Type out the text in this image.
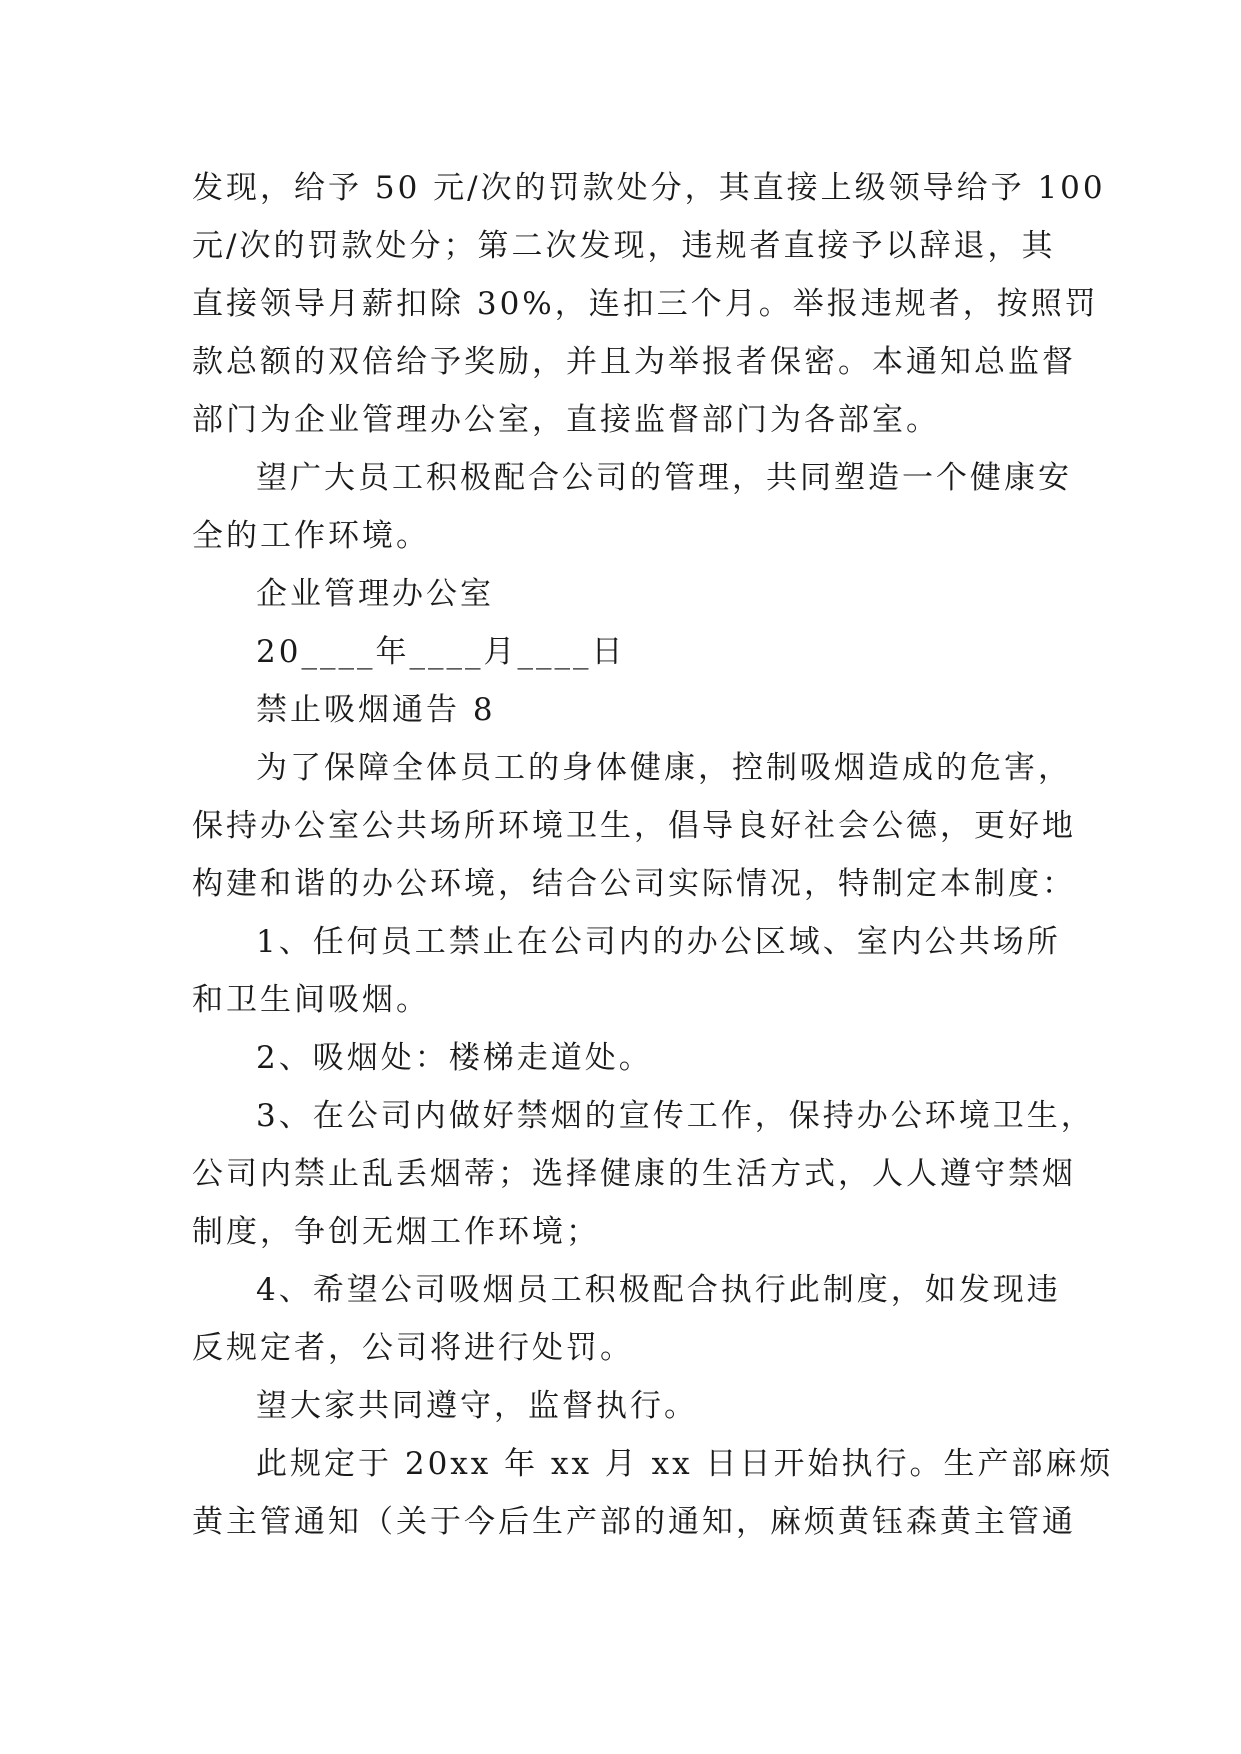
发现，给予 50 元/次的罚款处分，其直接上级领导给予 100
元/次的罚款处分；第二次发现，违规者直接予以辞退，其
直接领导月薪扣除 30%，连扣三个月。举报违规者，按照罚
款总额的双倍给予奖励，并且为举报者保密。本通知总监督
部门为企业管理办公室，直接监督部门为各部室。
望广大员工积极配合公司的管理，共同塑造一个健康安
全的工作环境。
企业管理办公室
20____年____月____日
禁止吸烟通告 8
为了保障全体员工的身体健康，控制吸烟造成的危害，
保持办公室公共场所环境卫生，倡导良好社会公德，更好地
构建和谐的办公环境，结合公司实际情况，特制定本制度：
1、任何员工禁止在公司内的办公区域、室内公共场所
和卫生间吸烟。
2、吸烟处：楼梯走道处。
3、在公司内做好禁烟的宣传工作，保持办公环境卫生，
公司内禁止乱丢烟蒂；选择健康的生活方式，人人遵守禁烟
制度，争创无烟工作环境；
4、希望公司吸烟员工积极配合执行此制度，如发现违
反规定者，公司将进行处罚。
望大家共同遵守，监督执行。
此规定于 20xx 年 xx 月 xx 日日开始执行。生产部麻烦
黄主管通知（关于今后生产部的通知，麻烦黄钰森黄主管通
